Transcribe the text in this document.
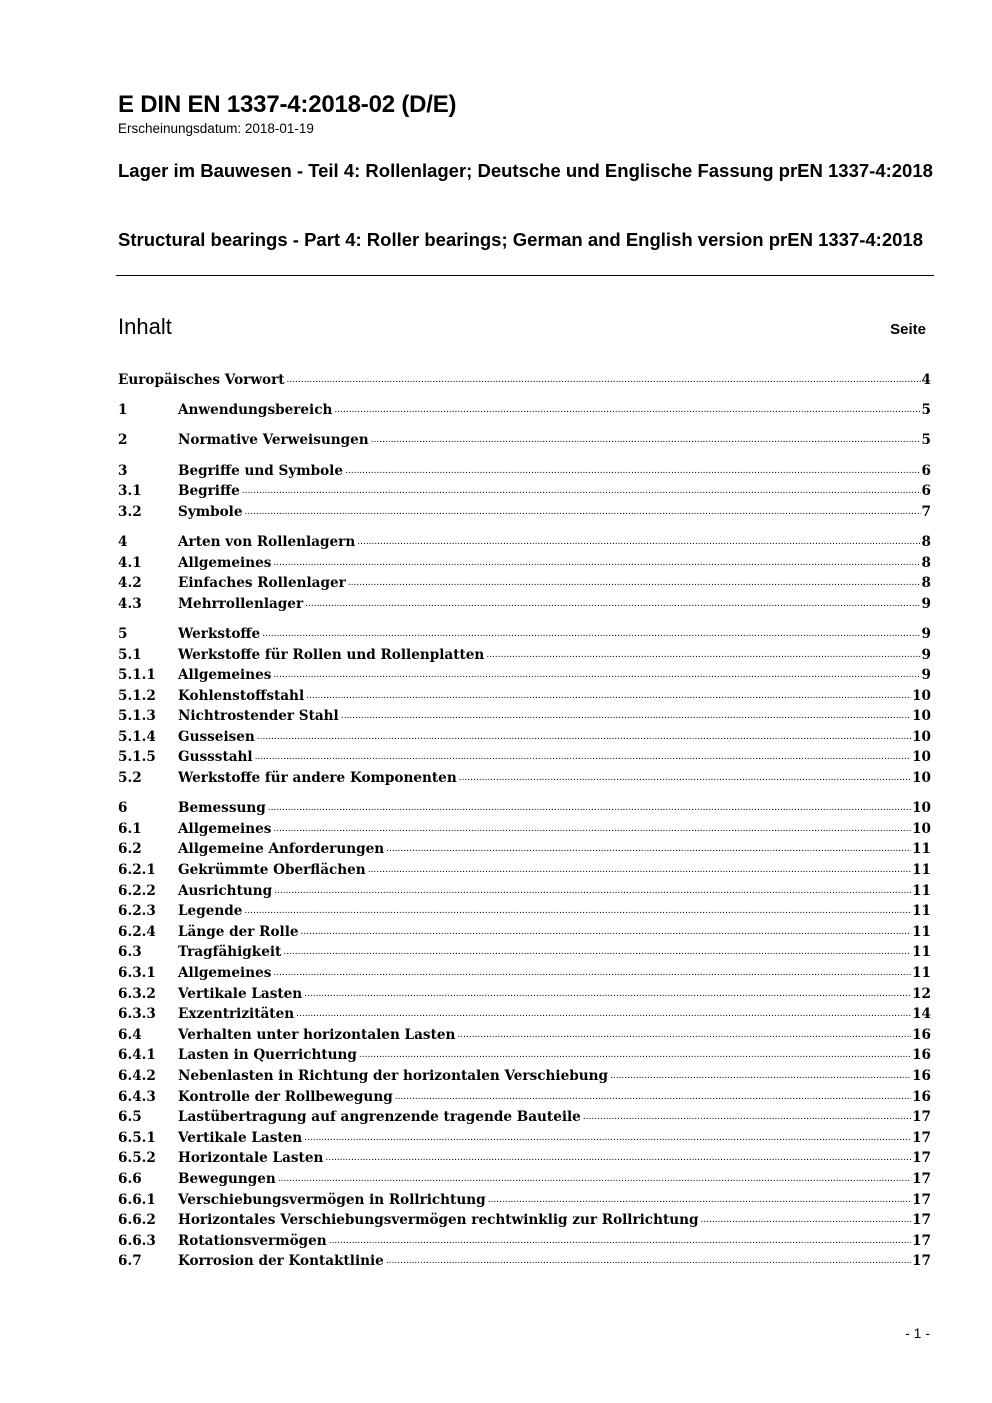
E DIN EN 1337-4:2018-02 (D/E)
Erscheinungsdatum: 2018-01-19
Lager im Bauwesen - Teil 4: Rollenlager; Deutsche und Englische Fassung prEN 1337-4:2018
Structural bearings - Part 4: Roller bearings; German and English version prEN 1337-4:2018
Inhalt	Seite
Europäisches Vorwort .....	4
1	Anwendungsbereich .....	5
2	Normative Verweisungen .....	5
3	Begriffe und Symbole .....	6
3.1	Begriffe .....	6
3.2	Symbole .....	7
4	Arten von Rollenlagern .....	8
4.1	Allgemeines .....	8
4.2	Einfaches Rollenlager .....	8
4.3	Mehrrollenlager .....	9
5	Werkstoffe .....	9
5.1	Werkstoffe für Rollen und Rollenplatten .....	9
5.1.1	Allgemeines .....	9
5.1.2	Kohlenstoffstahl .....	10
5.1.3	Nichtrostender Stahl .....	10
5.1.4	Gusseisen .....	10
5.1.5	Gussstahl .....	10
5.2	Werkstoffe für andere Komponenten .....	10
6	Bemessung .....	10
6.1	Allgemeines .....	10
6.2	Allgemeine Anforderungen .....	11
6.2.1	Gekrümmte Oberflächen .....	11
6.2.2	Ausrichtung .....	11
6.2.3	Legende .....	11
6.2.4	Länge der Rolle .....	11
6.3	Tragfähigkeit .....	11
6.3.1	Allgemeines .....	11
6.3.2	Vertikale Lasten .....	12
6.3.3	Exzentrizitäten .....	14
6.4	Verhalten unter horizontalen Lasten .....	16
6.4.1	Lasten in Querrichtung .....	16
6.4.2	Nebenlasten in Richtung der horizontalen Verschiebung .....	16
6.4.3	Kontrolle der Rollbewegung .....	16
6.5	Lastübertragung auf angrenzende tragende Bauteile .....	17
6.5.1	Vertikale Lasten .....	17
6.5.2	Horizontale Lasten .....	17
6.6	Bewegungen .....	17
6.6.1	Verschiebungsvermögen in Rollrichtung .....	17
6.6.2	Horizontales Verschiebungsvermögen rechtwinklig zur Rollrichtung .....	17
6.6.3	Rotationsvermögen .....	17
6.7	Korrosion der Kontaktlinie .....	17
- 1 -
